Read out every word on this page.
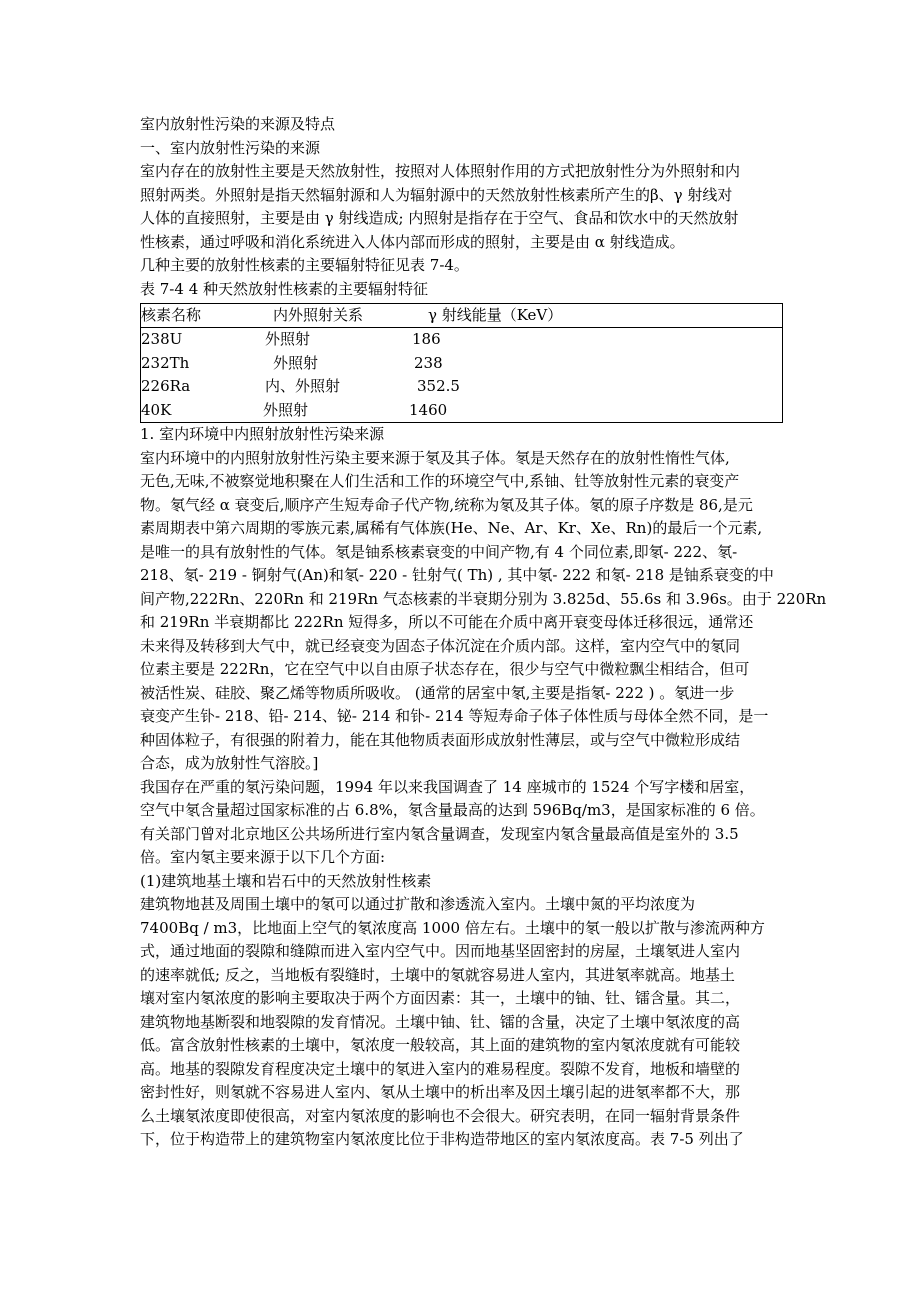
室内放射性污染的来源及特点
一、室内放射性污染的来源
室内存在的放射性主要是天然放射性，按照对人体照射作用的方式把放射性分为外照射和内
照射两类。外照射是指天然辐射源和人为辐射源中的天然放射性核素所产生的β、γ 射线对
人体的直接照射，主要是由 γ 射线造成; 内照射是指存在于空气、食品和饮水中的天然放射
性核素，通过呼吸和消化系统进入人体内部而形成的照射，主要是由 α 射线造成。
几种主要的放射性核素的主要辐射特征见表 7-4。
表 7-4 4 种天然放射性核素的主要辐射特征
核素名称	内外照射关系	γ 射线能量（KeV）
238U	外照射	186
232Th	外照射	238
226Ra	内、外照射	352.5
40K	外照射	1460
1. 室内环境中内照射放射性污染来源
室内环境中的内照射放射性污染主要来源于氡及其子体。氡是天然存在的放射性惰性气体,
无色,无味,不被察觉地积聚在人们生活和工作的环境空气中,系铀、钍等放射性元素的衰变产
物。氡气经 α 衰变后,顺序产生短寿命子代产物,统称为氡及其子体。氡的原子序数是 86,是元
素周期表中第六周期的零族元素,属稀有气体族(He、Ne、Ar、Kr、Xe、Rn)的最后一个元素,
是唯一的具有放射性的气体。氡是铀系核素衰变的中间产物,有 4 个同位素,即氡- 222、氡-
218、氡- 219 - 锕射气(An)和氡- 220 - 钍射气( Th) , 其中氡- 222 和氡- 218 是铀系衰变的中
间产物,222Rn、220Rn 和 219Rn 气态核素的半衰期分别为 3.825d、55.6s 和 3.96s。由于 220Rn
和 219Rn 半衰期都比 222Rn 短得多，所以不可能在介质中离开衰变母体迁移很远，通常还
未来得及转移到大气中，就已经衰变为固态子体沉淀在介质内部。这样，室内空气中的氡同
位素主要是 222Rn，它在空气中以自由原子状态存在，很少与空气中微粒飘尘相结合，但可
被活性炭、硅胶、聚乙烯等物质所吸收。 (通常的居室中氡,主要是指氡- 222 ) 。氡进一步
衰变产生钋- 218、铅- 214、铋- 214 和钋- 214 等短寿命子体子体性质与母体全然不同，是一
种固体粒子，有很强的附着力，能在其他物质表面形成放射性薄层，或与空气中微粒形成结
合态，成为放射性气溶胶。]
我国存在严重的氡污染问题，1994 年以来我国调查了 14 座城市的 1524 个写字楼和居室，
空气中氡含量超过国家标准的占 6.8%，氡含量最高的达到 596Bq/m3，是国家标准的 6 倍。
有关部门曾对北京地区公共场所进行室内氡含量调查，发现室内氡含量最高值是室外的 3.5
倍。室内氡主要来源于以下几个方面:
(1)建筑地基土壤和岩石中的天然放射性核素
建筑物地甚及周围土壤中的氡可以通过扩散和渗透流入室内。土壤中氮的平均浓度为
7400Bq / m3，比地面上空气的氡浓度高 1000 倍左右。土壤中的氡一般以扩散与渗流两种方
式，通过地面的裂隙和缝隙而进入室内空气中。因而地基坚固密封的房屋，土壤氡进人室内
的速率就低; 反之，当地板有裂缝时，土壤中的氡就容易进人室内，其进氡率就高。地基土
壤对室内氡浓度的影响主要取决于两个方面因素：其一，土壤中的铀、钍、镭含量。其二，
建筑物地基断裂和地裂隙的发育情况。土壤中铀、钍、镭的含量，决定了土壤中氡浓度的高
低。富含放射性核素的土壤中，氡浓度一般较高，其上面的建筑物的室内氡浓度就有可能较
高。地基的裂隙发育程度决定土壤中的氡进入室内的难易程度。裂隙不发育，地板和墙壁的
密封性好，则氡就不容易进人室内、氡从土壤中的析出率及因土壤引起的进氡率都不大，那
么土壤氡浓度即使很高，对室内氡浓度的影响也不会很大。研究表明，在同一辐射背景条件
下，位于构造带上的建筑物室内氡浓度比位于非构造带地区的室内氡浓度高。表 7-5 列出了
